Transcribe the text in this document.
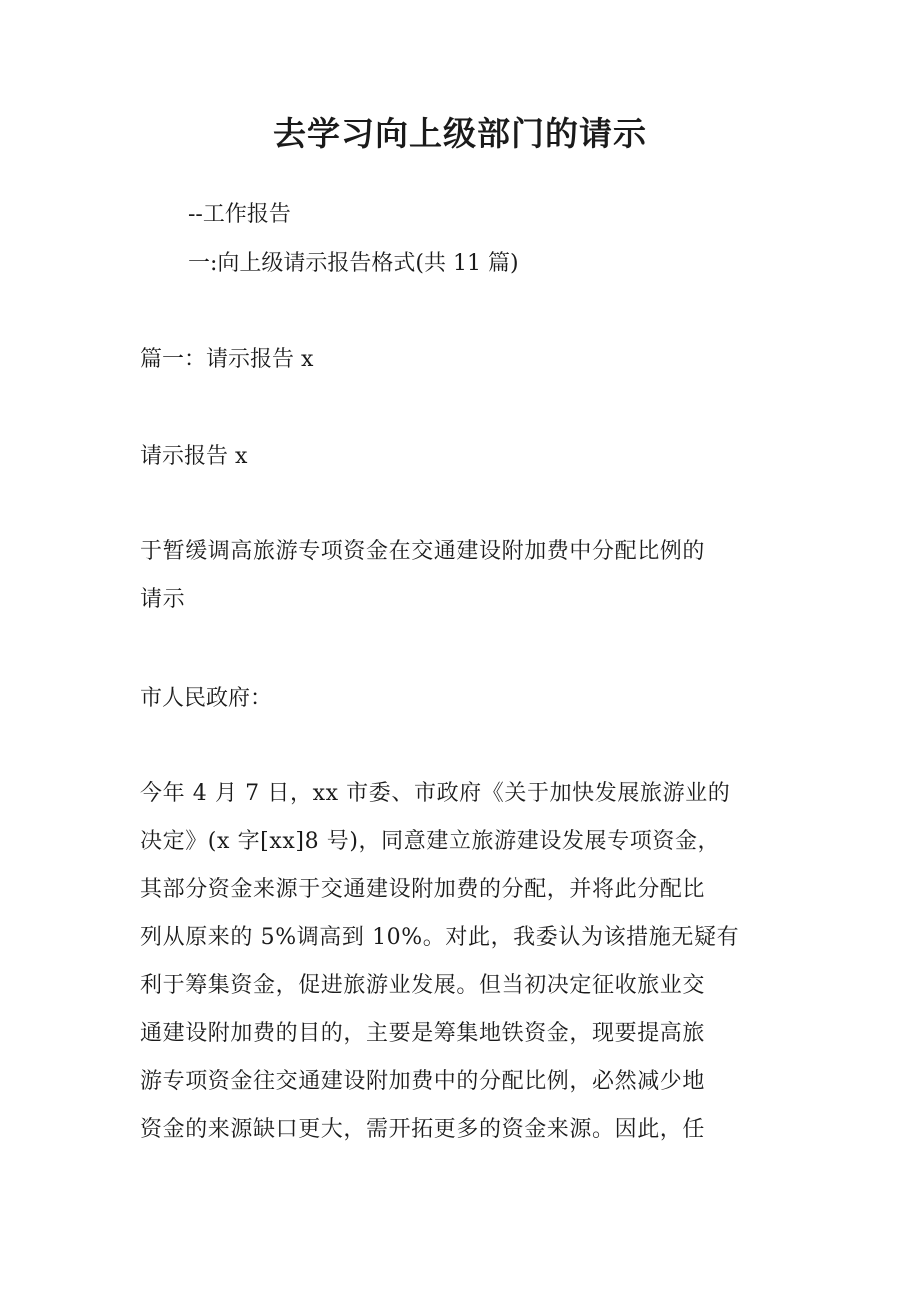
去学习向上级部门的请示

--工作报告

一:向上级请示报告格式(共 11 篇)

篇一：请示报告 x

请示报告 x

于暂缓调高旅游专项资金在交通建设附加费中分配比例的
请示

市人民政府：

今年 4 月 7 日，xx 市委、市政府《关于加快发展旅游业的
决定》(x 字[xx]8 号)，同意建立旅游建设发展专项资金，
其部分资金来源于交通建设附加费的分配，并将此分配比
列从原来的 5%调高到 10%。对此，我委认为该措施无疑有
利于筹集资金，促进旅游业发展。但当初决定征收旅业交
通建设附加费的目的，主要是筹集地铁资金，现要提高旅
游专项资金往交通建设附加费中的分配比例，必然减少地
资金的来源缺口更大，需开拓更多的资金来源。因此，任
